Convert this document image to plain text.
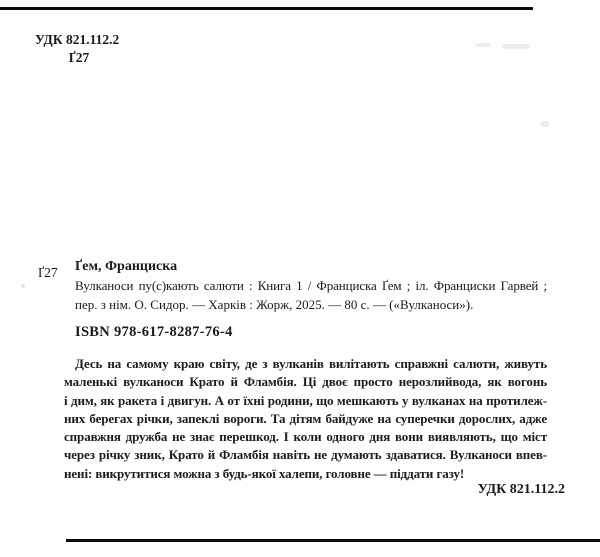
УДК 821.112.2
Ґ27
Ґ27 Ґем, Франциска
Вулканоси пу(с)кають салюти : Книга 1 / Франциска Ґем ; іл. Франциски Гарвей ;
пер. з нім. О. Сидор. — Харків : Жорж, 2025. — 80 с. — («Вулканоси»).
ISBN 978-617-8287-76-4
Десь на самому краю світу, де з вулканів вилітають справжні салюти, живуть
маленькі вулканоси Крато й Фламбія. Ці двоє просто нерозлийвода, як вогонь
і дим, як ракета і двигун. А от їхні родини, що мешкають у вулканах на протилеж-
них берегах річки, запеклі вороги. Та дітям байдуже на суперечки дорослих, адже
справжня дружба не знає перешкод. І коли одного дня вони виявляють, що міст
через річку зник, Крато й Фламбія навіть не думають здаватися. Вулканоси впев-
нені: викрутитися можна з будь-якої халепи, головне — піддати газу!
УДК 821.112.2
